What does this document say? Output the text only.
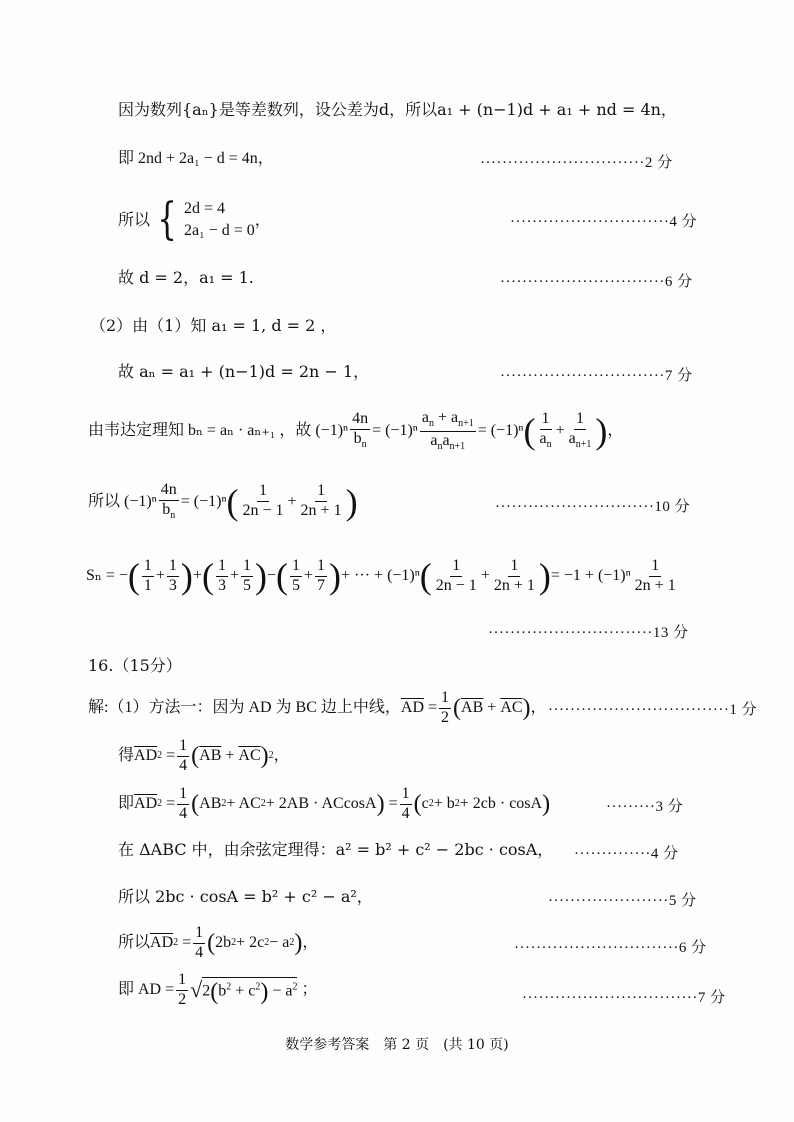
因为数列{aₙ}是等差数列，设公差为d，所以a₁ + (n−1)d + a₁ + nd = 4n，
即 2nd + 2a₁ − d = 4n，	······························2 分
所以 { 2d = 4
2a₁ − d = 0
，	·····························4 分
故 d = 2，a₁ = 1.	······························6 分
（2）由（1）知 a₁ = 1, d = 2 ，
故 aₙ = a₁ + (n−1)d = 2n − 1，	······························7 分
由韦达定理知 bₙ = aₙ · aₙ₊₁ ，故 $(-1)^n \frac{4n}{b_n} = (-1)^n \frac{a_n + a_{n+1}}{a_na_{n+1}} = (-1)^n$ ( $\frac{1}{a_n} + \frac{1}{a_{n+1}}$ ) ，
所以 $(-1)^n \frac{4n}{b_n} = (-1)^n$ ( $\frac{1}{2n - 1} + \frac{1}{2n + 1}$ )	·····························10 分
Sₙ = − ( $\frac{1}{1} + \frac{1}{3}$ ) + ( $\frac{1}{3} + \frac{1}{5}$ ) − ( $\frac{1}{5} + \frac{1}{7}$ ) + ··· + (−1)ⁿ ( $\frac{1}{2n - 1} + \frac{1}{2n + 1}$ ) = $-1 + (-1)^n \frac{1}{2n + 1}$
······························13 分
16.（15分）
解:（1）方法一：因为 AD 为 BC 边上中线， $\overline{AD} = \frac{1}{2}$ ( $\overline{AB} + \overline{AC}$ ) ， ·································1 分
得 $\overline{AD}$ $2 = \frac{1}{4}$ ( $\overline{AB} + \overline{AC}$ ) 2 ，
即 $\overline{AD}$ $2 = \frac{1}{4}$ ( AB 2 + AC 2 + 2AB · ACcosA ) = $\frac{1}{4}$ ( c 2 + b 2 + 2cb · cosA )	·········3 分
在 ΔABC 中，由余弦定理得：a² = b² + c² − 2bc · cosA， ··············4 分
所以 2bc · cosA = b² + c² − a²，	······················5 分
所以 $\overline{AD}$ $2 = \frac{1}{4}$ ( 2b 2 + 2c 2 − a 2 ) ，	······························6 分
即 AD = $\frac{1}{2}$ √ $2(b^2 + c^2) - a^2$ ；	································7 分
数学参考答案　第 2 页　(共 10 页)
